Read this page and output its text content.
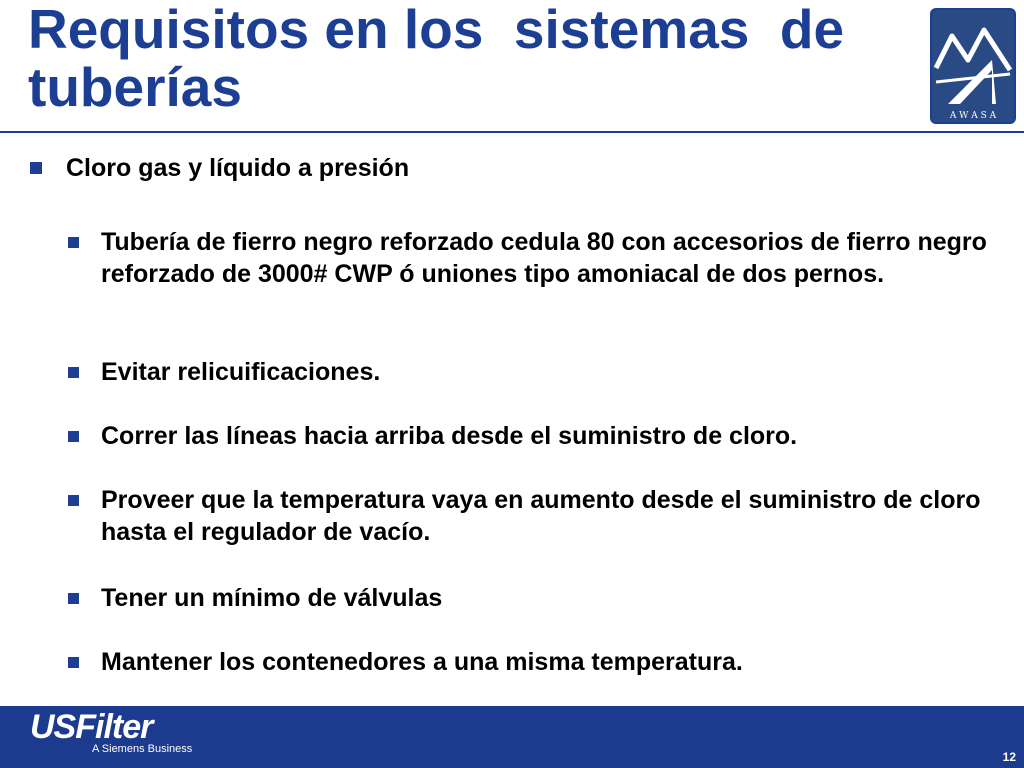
Requisitos en los  sistemas  de
tuberías	A W A S A
Cloro gas y líquido a presión
Tubería de fierro negro reforzado cedula 80 con accesorios de fierro negro reforzado de 3000# CWP ó uniones tipo amoniacal de dos pernos.
Evitar relicuificaciones.
Correr las líneas hacia arriba desde el suministro de cloro.
Proveer que la temperatura vaya en aumento desde el suministro de cloro hasta el regulador de vacío.
Tener un mínimo de válvulas
Mantener los contenedores a una misma temperatura.
USFilter
A Siemens Business
12
